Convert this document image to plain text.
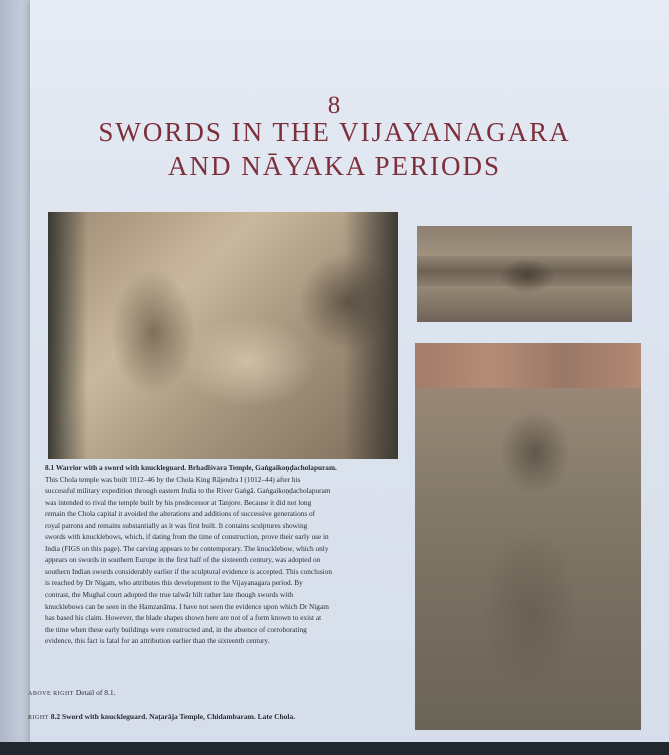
8
SWORDS IN THE VIJAYANAGARA
AND NĀYAKA PERIODS

8.1 Warrior with a sword with knuckleguard. Brhadīśvara Temple, Gaṅgaikoṇḍacholapuram.

This Chola temple was built 1012–46 by the Chola King Rājendra I (1012–44) after his

successful military expedition through eastern India to the River Gaṅgā. Gaṅgaikoṇḍacholapuram

was intended to rival the temple built by his predecessor at Tanjore. Because it did not long

remain the Chola capital it avoided the alterations and additions of successive generations of

royal patrons and remains substantially as it was first built. It contains sculptures showing

swords with knucklebows, which, if dating from the time of construction, prove their early use in

India (FIGS on this page). The carving appears to be contemporary. The knucklebow, which only

appears on swords in southern Europe in the first half of the sixteenth century, was adopted on

southern Indian swords considerably earlier if the sculptural evidence is accepted. This conclusion

is reached by Dr Nigam, who attributes this development to the Vijayanagara period. By

contrast, the Mughal court adopted the true talwār hilt rather late though swords with

knucklebows can be seen in the Hamzanāma. I have not seen the evidence upon which Dr Nigam

has based his claim. However, the blade shapes shown here are not of a form known to exist at

the time when these early buildings were constructed and, in the absence of corroborating

evidence, this fact is fatal for an attribution earlier than the sixteenth century.

ABOVE RIGHT Detail of 8.1.
RIGHT 8.2 Sword with knuckleguard. Naṭarāja Temple, Chidambaram. Late Chola.
